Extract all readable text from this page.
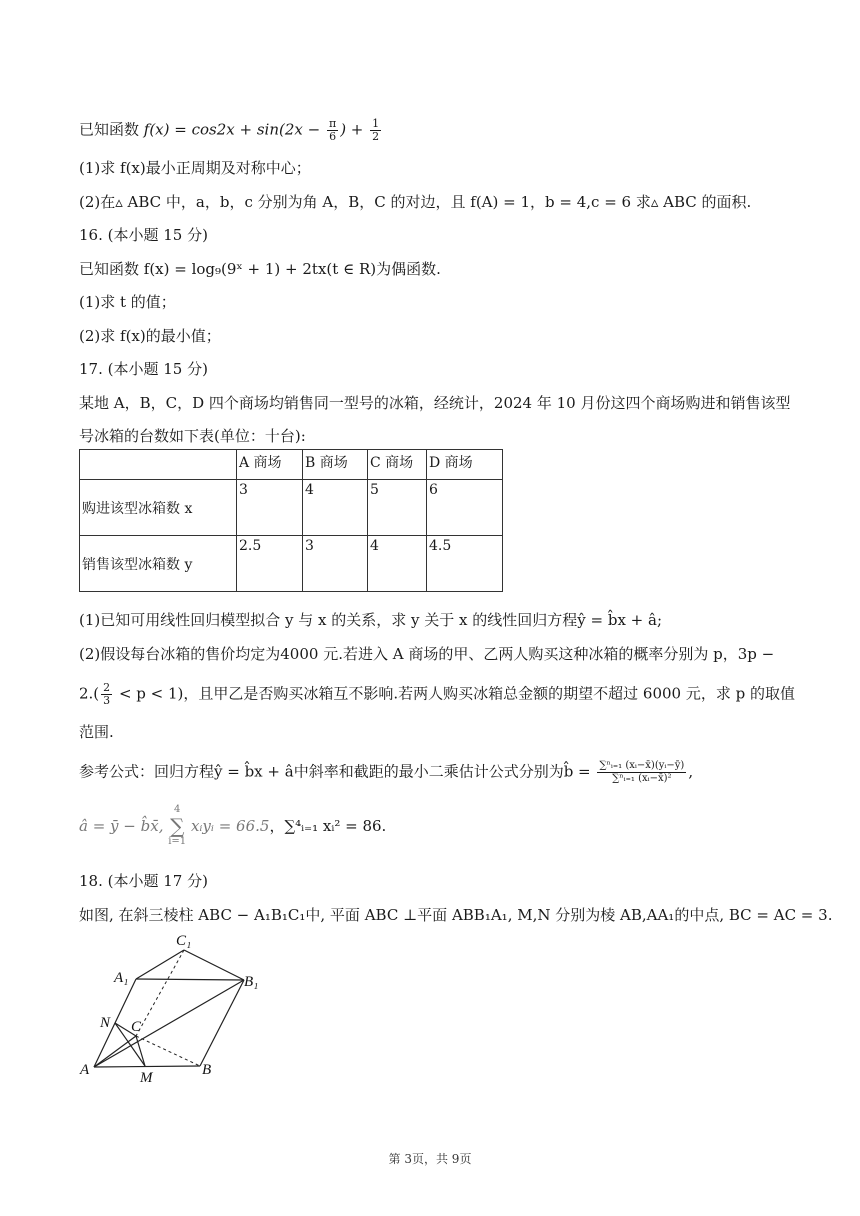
已知函数 $f(x) = \cos 2x + \sin(2x - \frac{\pi}{6}$ ) + $\frac{1}{2}$
(1)求 f(x)最小正周期及对称中心；
(2)在▵ ABC 中，a，b，c 分别为角 A，B，C 的对边，且 f(A) = 1，b = 4,c = 6 求▵ ABC 的面积.
16. (本小题 15 分)
已知函数 f(x) = log₉(9ˣ + 1) + 2tx(t ∈ R)为偶函数.
(1)求 t 的值；
(2)求 f(x)的最小值；
17. (本小题 15 分)
某地 A，B，C，D 四个商场均销售同一型号的冰箱，经统计，2024 年 10 月份这四个商场购进和销售该型
号冰箱的台数如下表(单位：十台):
	A 商场	B 商场	C 商场	D 商场
购进该型冰箱数 x	3	4	5	6
销售该型冰箱数 y	2.5	3	4	4.5
(1)已知可用线性回归模型拟合 y 与 x 的关系，求 y 关于 x 的线性回归方程ŷ = b̂x + â;
(2)假设每台冰箱的售价均定为4000 元.若进入 A 商场的甲、乙两人购买这种冰箱的概率分别为 p，3p −
$2.( \frac{2}{3} < p < 1)$，且甲乙是否购买冰箱互不影响.若两人购买冰箱总金额的期望不超过 6000 元，求 p 的取值
范围.
参考公式：回归方程ŷ = b̂x + â中斜率和截距的最小二乘估计公式分别为b̂ = $\frac{\text{∑ⁿᵢ₌₁ (xᵢ−x̄)(yᵢ−ȳ)}}{\text{∑ⁿᵢ₌₁ (xᵢ−x̄)²}}$ ,
â = ȳ − b̂x̄,
4
∑
i=1
xᵢyᵢ = 66.5，∑⁴ᵢ₌₁ xᵢ² = 86.
18. (本小题 17 分)
如图, 在斜三棱柱 ABC − A₁B₁C₁中, 平面 ABC ⊥平面 ABB₁A₁, M,N 分别为棱 AB,AA₁的中点, BC = AC = 3.
C₁
A₁	B₁
N C
A	M	B
第 3页，共 9页
